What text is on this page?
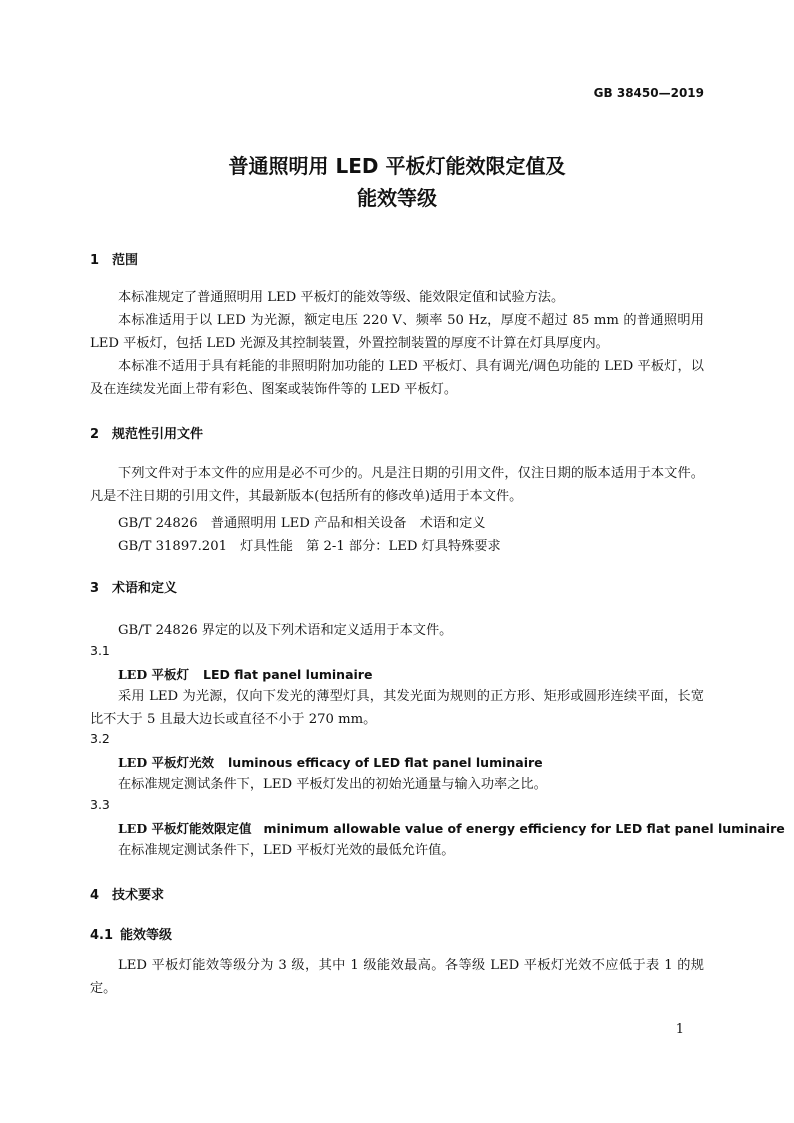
GB 38450—2019
普通照明用 LED 平板灯能效限定值及
能效等级
1 范围
本标准规定了普通照明用 LED 平板灯的能效等级、能效限定值和试验方法。
本标准适用于以 LED 为光源，额定电压 220 V、频率 50 Hz，厚度不超过 85 mm 的普通照明用 LED 平板灯，包括 LED 光源及其控制装置，外置控制装置的厚度不计算在灯具厚度内。
本标准不适用于具有耗能的非照明附加功能的 LED 平板灯、具有调光/调色功能的 LED 平板灯，以及在连续发光面上带有彩色、图案或装饰件等的 LED 平板灯。
2 规范性引用文件
下列文件对于本文件的应用是必不可少的。凡是注日期的引用文件，仅注日期的版本适用于本文件。凡是不注日期的引用文件，其最新版本(包括所有的修改单)适用于本文件。
GB/T 24826　普通照明用 LED 产品和相关设备　术语和定义
GB/T 31897.201　灯具性能　第 2-1 部分：LED 灯具特殊要求
3 术语和定义
GB/T 24826 界定的以及下列术语和定义适用于本文件。
3.1
LED 平板灯 LED flat panel luminaire
采用 LED 为光源，仅向下发光的薄型灯具，其发光面为规则的正方形、矩形或圆形连续平面，长宽比不大于 5 且最大边长或直径不小于 270 mm。
3.2
LED 平板灯光效 luminous efficacy of LED flat panel luminaire
在标准规定测试条件下，LED 平板灯发出的初始光通量与输入功率之比。
3.3
LED 平板灯能效限定值 minimum allowable value of energy efficiency for LED flat panel luminaire
在标准规定测试条件下，LED 平板灯光效的最低允许值。
4 技术要求
4.1 能效等级
LED 平板灯能效等级分为 3 级，其中 1 级能效最高。各等级 LED 平板灯光效不应低于表 1 的规定。
1
